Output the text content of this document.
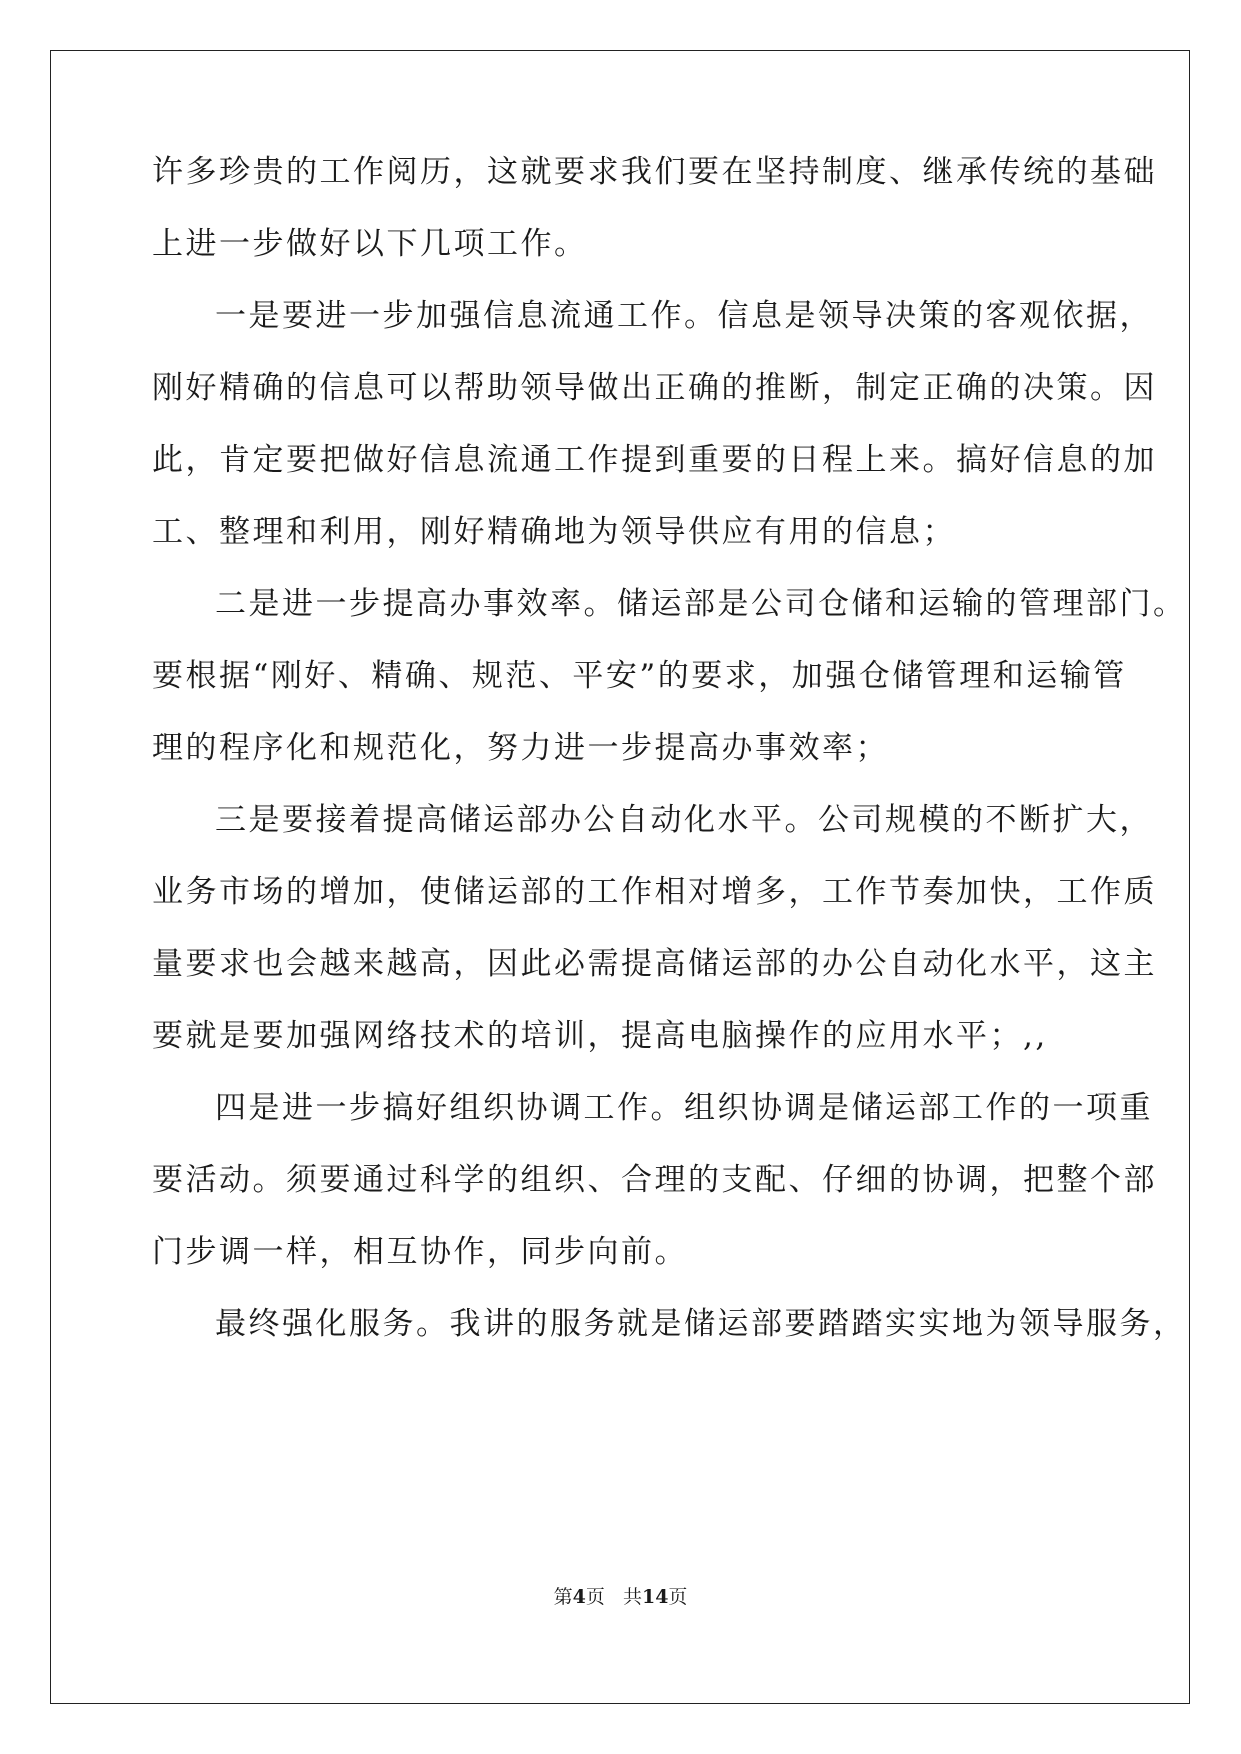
许多珍贵的工作阅历，这就要求我们要在坚持制度、继承传统的基础
上进一步做好以下几项工作。
一是要进一步加强信息流通工作。信息是领导决策的客观依据，
刚好精确的信息可以帮助领导做出正确的推断，制定正确的决策。因
此，肯定要把做好信息流通工作提到重要的日程上来。搞好信息的加
工、整理和利用，刚好精确地为领导供应有用的信息；
二是进一步提高办事效率。储运部是公司仓储和运输的管理部门。
要根据“刚好、精确、规范、平安”的要求，加强仓储管理和运输管
理的程序化和规范化，努力进一步提高办事效率；
三是要接着提高储运部办公自动化水平。公司规模的不断扩大，
业务市场的增加，使储运部的工作相对增多，工作节奏加快，工作质
量要求也会越来越高，因此必需提高储运部的办公自动化水平，这主
要就是要加强网络技术的培训，提高电脑操作的应用水平；,,
四是进一步搞好组织协调工作。组织协调是储运部工作的一项重
要活动。须要通过科学的组织、合理的支配、仔细的协调，把整个部
门步调一样，相互协作，同步向前。
最终强化服务。我讲的服务就是储运部要踏踏实实地为领导服务，
第4页 共14页
